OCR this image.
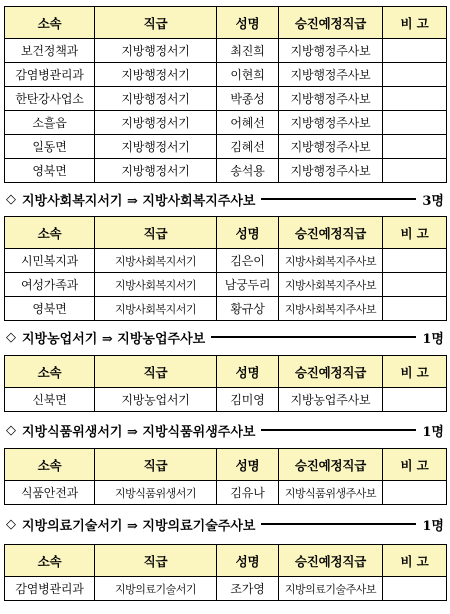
소속	직급	성명	승진예정직급	비 고
보건정책과	지방행정서기	최진희	지방행정주사보	
감염병관리과	지방행정서기	이현희	지방행정주사보	
한탄강사업소	지방행정서기	박종성	지방행정주사보	
소흘읍	지방행정서기	어혜선	지방행정주사보	
일동면	지방행정서기	김혜선	지방행정주사보	
영북면	지방행정서기	송석용	지방행정주사보	
◇ 지방사회복지서기 ⇒ 지방사회복지주사보	3명
소속	직급	성명	승진예정직급	비 고
시민복지과	지방사회복지서기	김은이	지방사회복지주사보	
여성가족과	지방사회복지서기	남궁두리	지방사회복지주사보	
영북면	지방사회복지서기	황규상	지방사회복지주사보	
◇ 지방농업서기 ⇒ 지방농업주사보	1명
소속	직급	성명	승진예정직급	비 고
신북면	지방농업서기	김미영	지방농업주사보	
◇ 지방식품위생서기 ⇒ 지방식품위생주사보	1명
소속	직급	성명	승진예정직급	비 고
식품안전과	지방식품위생서기	김유나	지방식품위생주사보	
◇ 지방의료기술서기 ⇒ 지방의료기술주사보	1명
소속	직급	성명	승진예정직급	비 고
감염병관리과	지방의료기술서기	조가영	지방의료기술주사보	
